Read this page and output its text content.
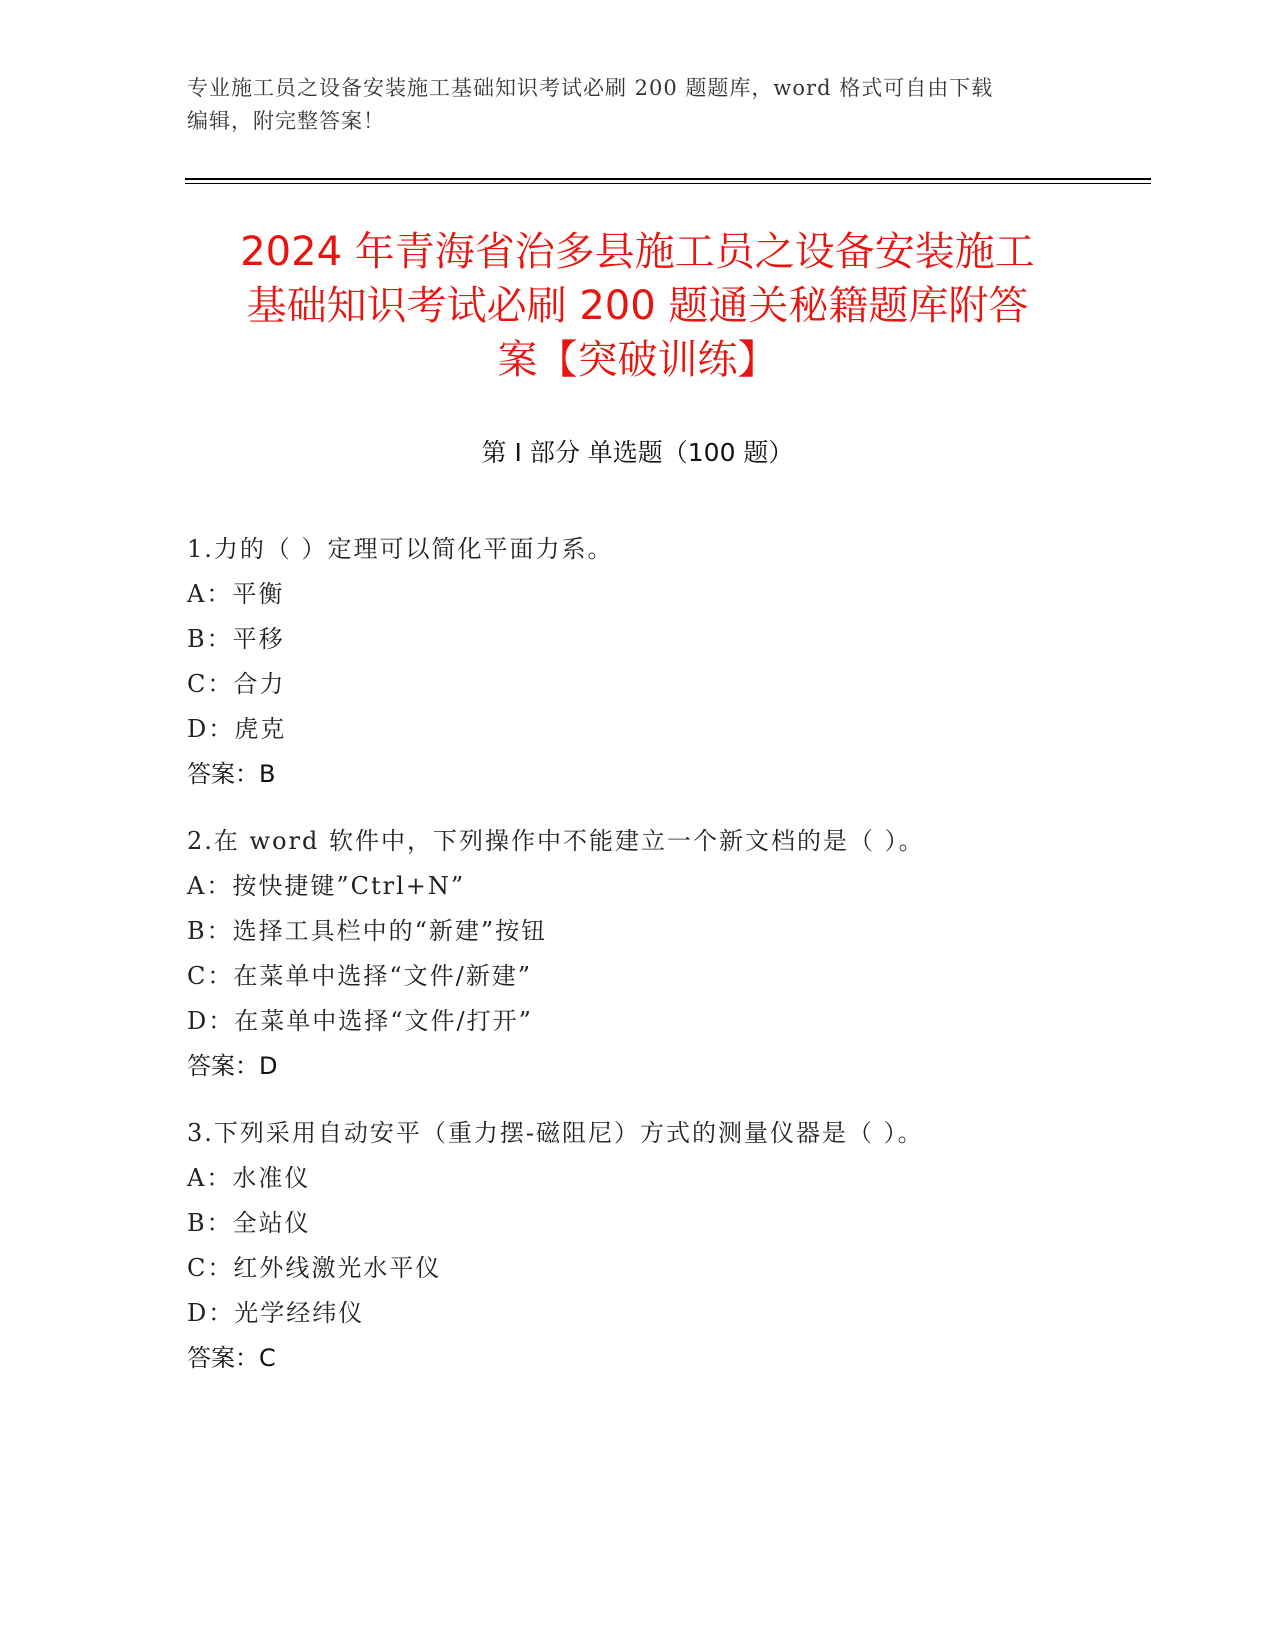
专业施工员之设备安装施工基础知识考试必刷 200 题题库，word 格式可自由下载
编辑，附完整答案！
2024 年青海省治多县施工员之设备安装施工
基础知识考试必刷 200 题通关秘籍题库附答
案【突破训练】
第 I 部分 单选题（100 题）
1.力的（ ）定理可以简化平面力系。
A：平衡
B：平移
C：合力
D：虎克
答案：B
2.在 word 软件中，下列操作中不能建立一个新文档的是（ ）。
A：按快捷键”Ctrl+N”
B：选择工具栏中的“新建”按钮
C：在菜单中选择“文件/新建”
D：在菜单中选择“文件/打开”
答案：D
3.下列采用自动安平（重力摆-磁阻尼）方式的测量仪器是（ ）。
A：水准仪
B：全站仪
C：红外线激光水平仪
D：光学经纬仪
答案：C
